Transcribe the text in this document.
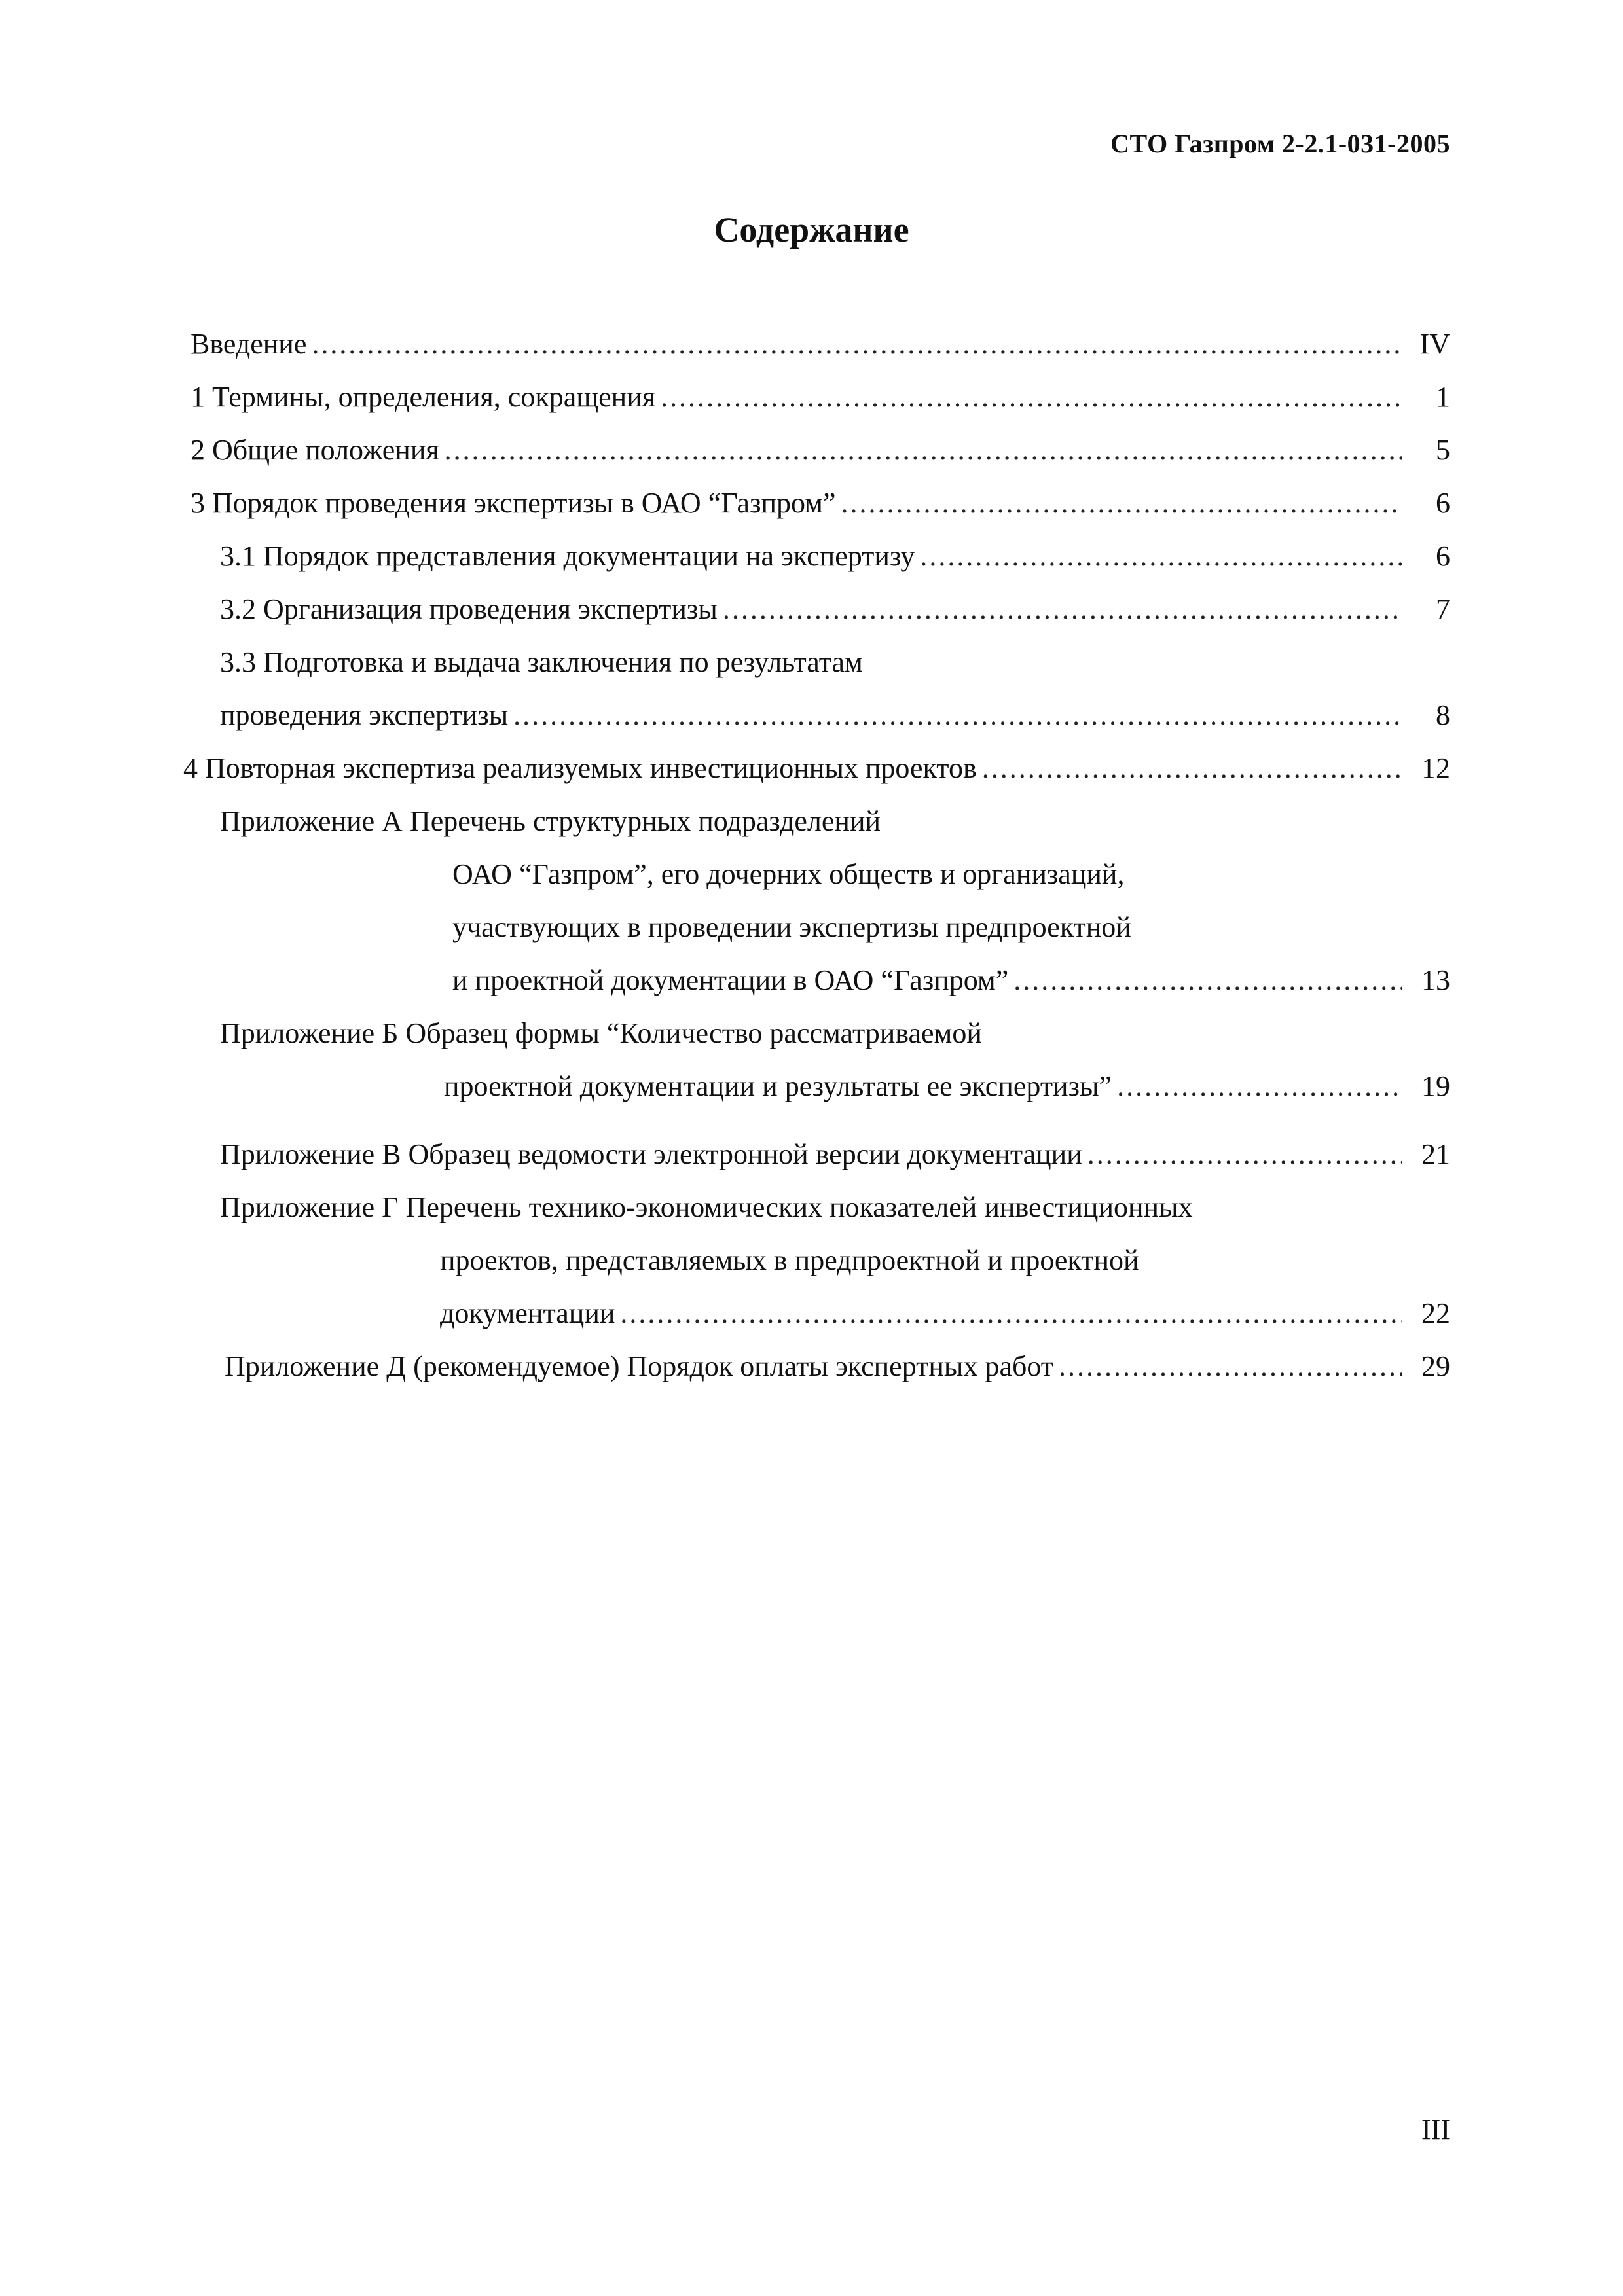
СТО Газпром 2-2.1-031-2005
Содержание
Введение .....	IV
1 Термины, определения, сокращения .....	1
2 Общие положения .....	5
3 Порядок проведения экспертизы в ОАО “Газпром” .....	6
3.1 Порядок представления документации на экспертизу .....	6
3.2 Организация проведения экспертизы .....	7
3.3 Подготовка и выдача заключения по результатам
проведения экспертизы .....	8
4 Повторная экспертиза реализуемых инвестиционных проектов .....	12
Приложение А Перечень структурных подразделений
ОАО “Газпром”, его дочерних обществ и организаций,
участвующих в проведении экспертизы предпроектной
и проектной документации в ОАО “Газпром” .....	13
Приложение Б Образец формы “Количество рассматриваемой
проектной документации и результаты ее экспертизы” .....	19
Приложение В Образец ведомости электронной версии документации .....	21
Приложение Г Перечень технико-экономических показателей инвестиционных
проектов, представляемых в предпроектной и проектной
документации .....	22
Приложение Д (рекомендуемое) Порядок оплаты экспертных работ .....	29
III
